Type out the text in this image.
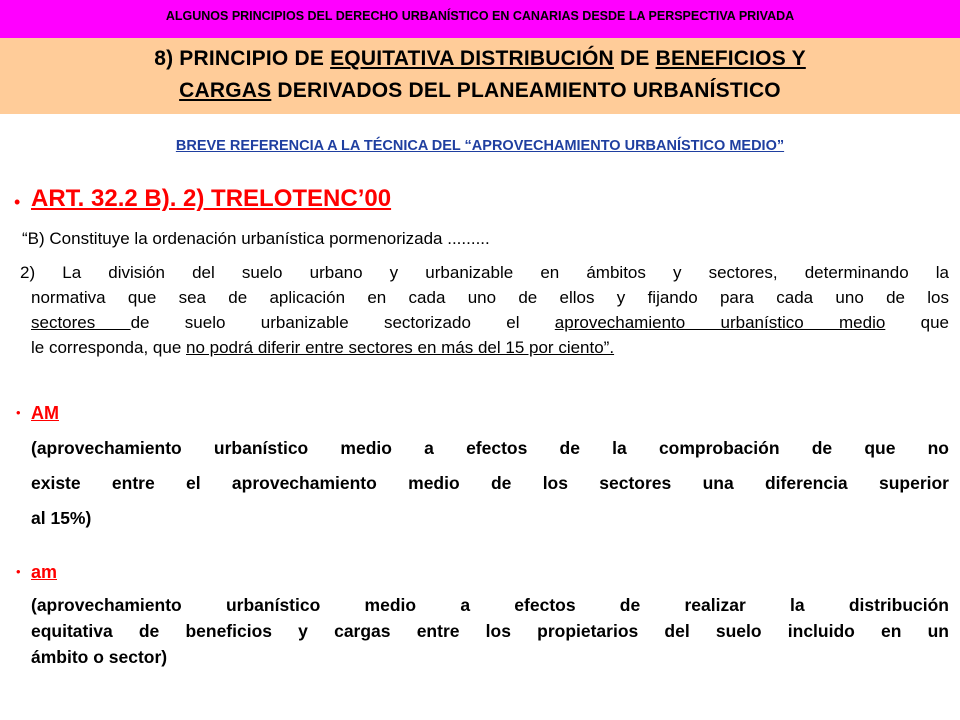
ALGUNOS PRINCIPIOS DEL DERECHO URBANÍSTICO EN CANARIAS DESDE LA PERSPECTIVA PRIVADA
8) PRINCIPIO DE EQUITATIVA DISTRIBUCIÓN DE BENEFICIOS Y
CARGAS DERIVADOS DEL PLANEAMIENTO URBANÍSTICO
BREVE REFERENCIA A LA TÉCNICA DEL “APROVECHAMIENTO URBANÍSTICO MEDIO”
• ART. 32.2 B). 2) TRELOTENC’00
“B) Constituye la ordenación urbanística pormenorizada .........
2) La división del suelo urbano y urbanizable en ámbitos y sectores, determinando la
normativa que sea de aplicación en cada uno de ellos y fijando para cada uno de los
sectores de suelo urbanizable sectorizado el aprovechamiento urbanístico medio que
le corresponda, que no podrá diferir entre sectores en más del 15 por ciento”.
• AM
(aprovechamiento urbanístico medio a efectos de la comprobación de que no
existe entre el aprovechamiento medio de los sectores una diferencia superior
al 15%)
• am
(aprovechamiento urbanístico medio a efectos de realizar la distribución
equitativa de beneficios y cargas entre los propietarios del suelo incluido en un
ámbito o sector)
